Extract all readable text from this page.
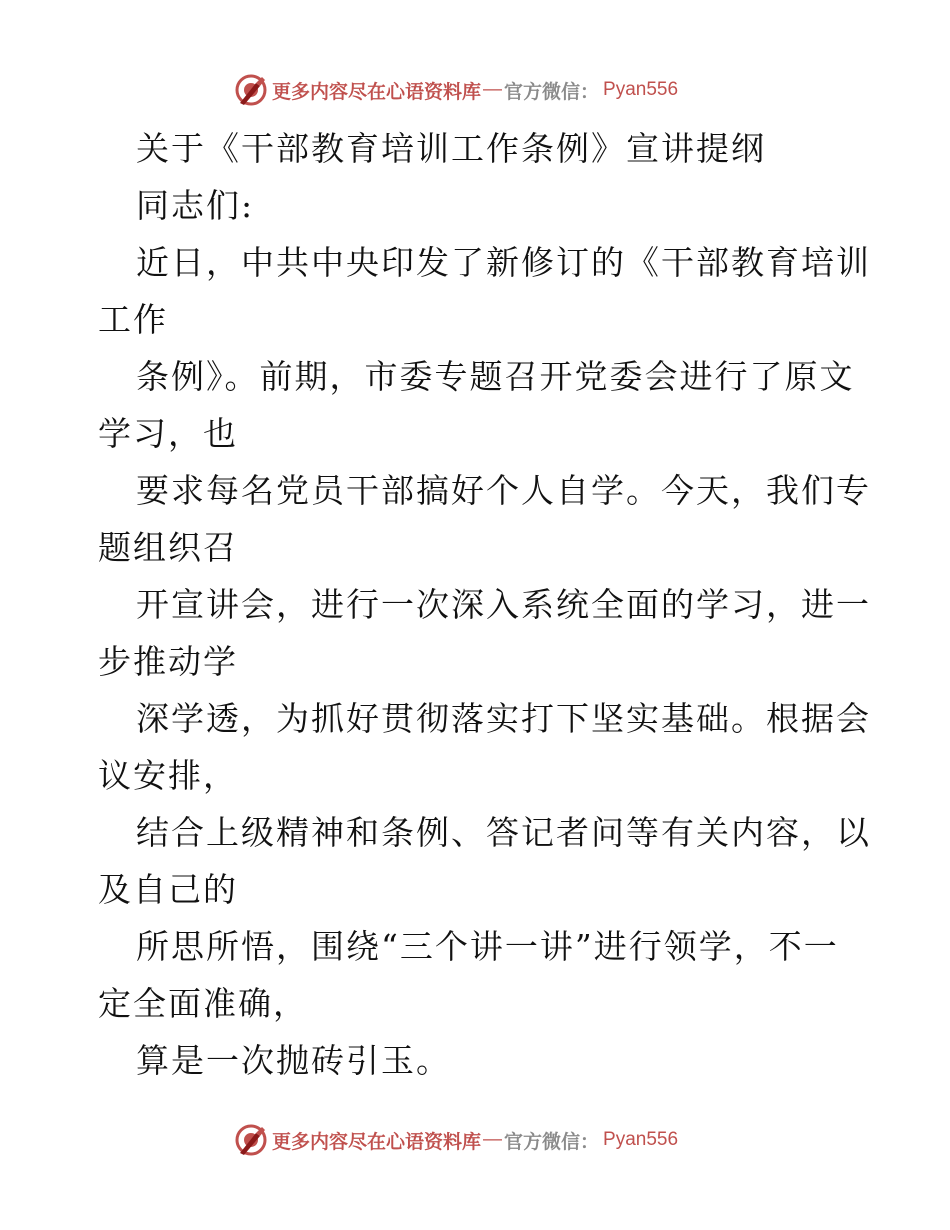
更多内容尽在心语资料库 — 官方微信： Pyan556
关于《干部教育培训工作条例》宣讲提纲
同志们:
近日，中共中央印发了新修订的《干部教育培训
工作
条例》。前期，市委专题召开党委会进行了原文
学习，也
要求每名党员干部搞好个人自学。今天，我们专
题组织召
开宣讲会，进行一次深入系统全面的学习，进一
步推动学
深学透，为抓好贯彻落实打下坚实基础。根据会
议安排，
结合上级精神和条例、答记者问等有关内容，以
及自己的
所思所悟，围绕“三个讲一讲”进行领学，不一
定全面准确，
算是一次抛砖引玉。
更多内容尽在心语资料库 — 官方微信： Pyan556
